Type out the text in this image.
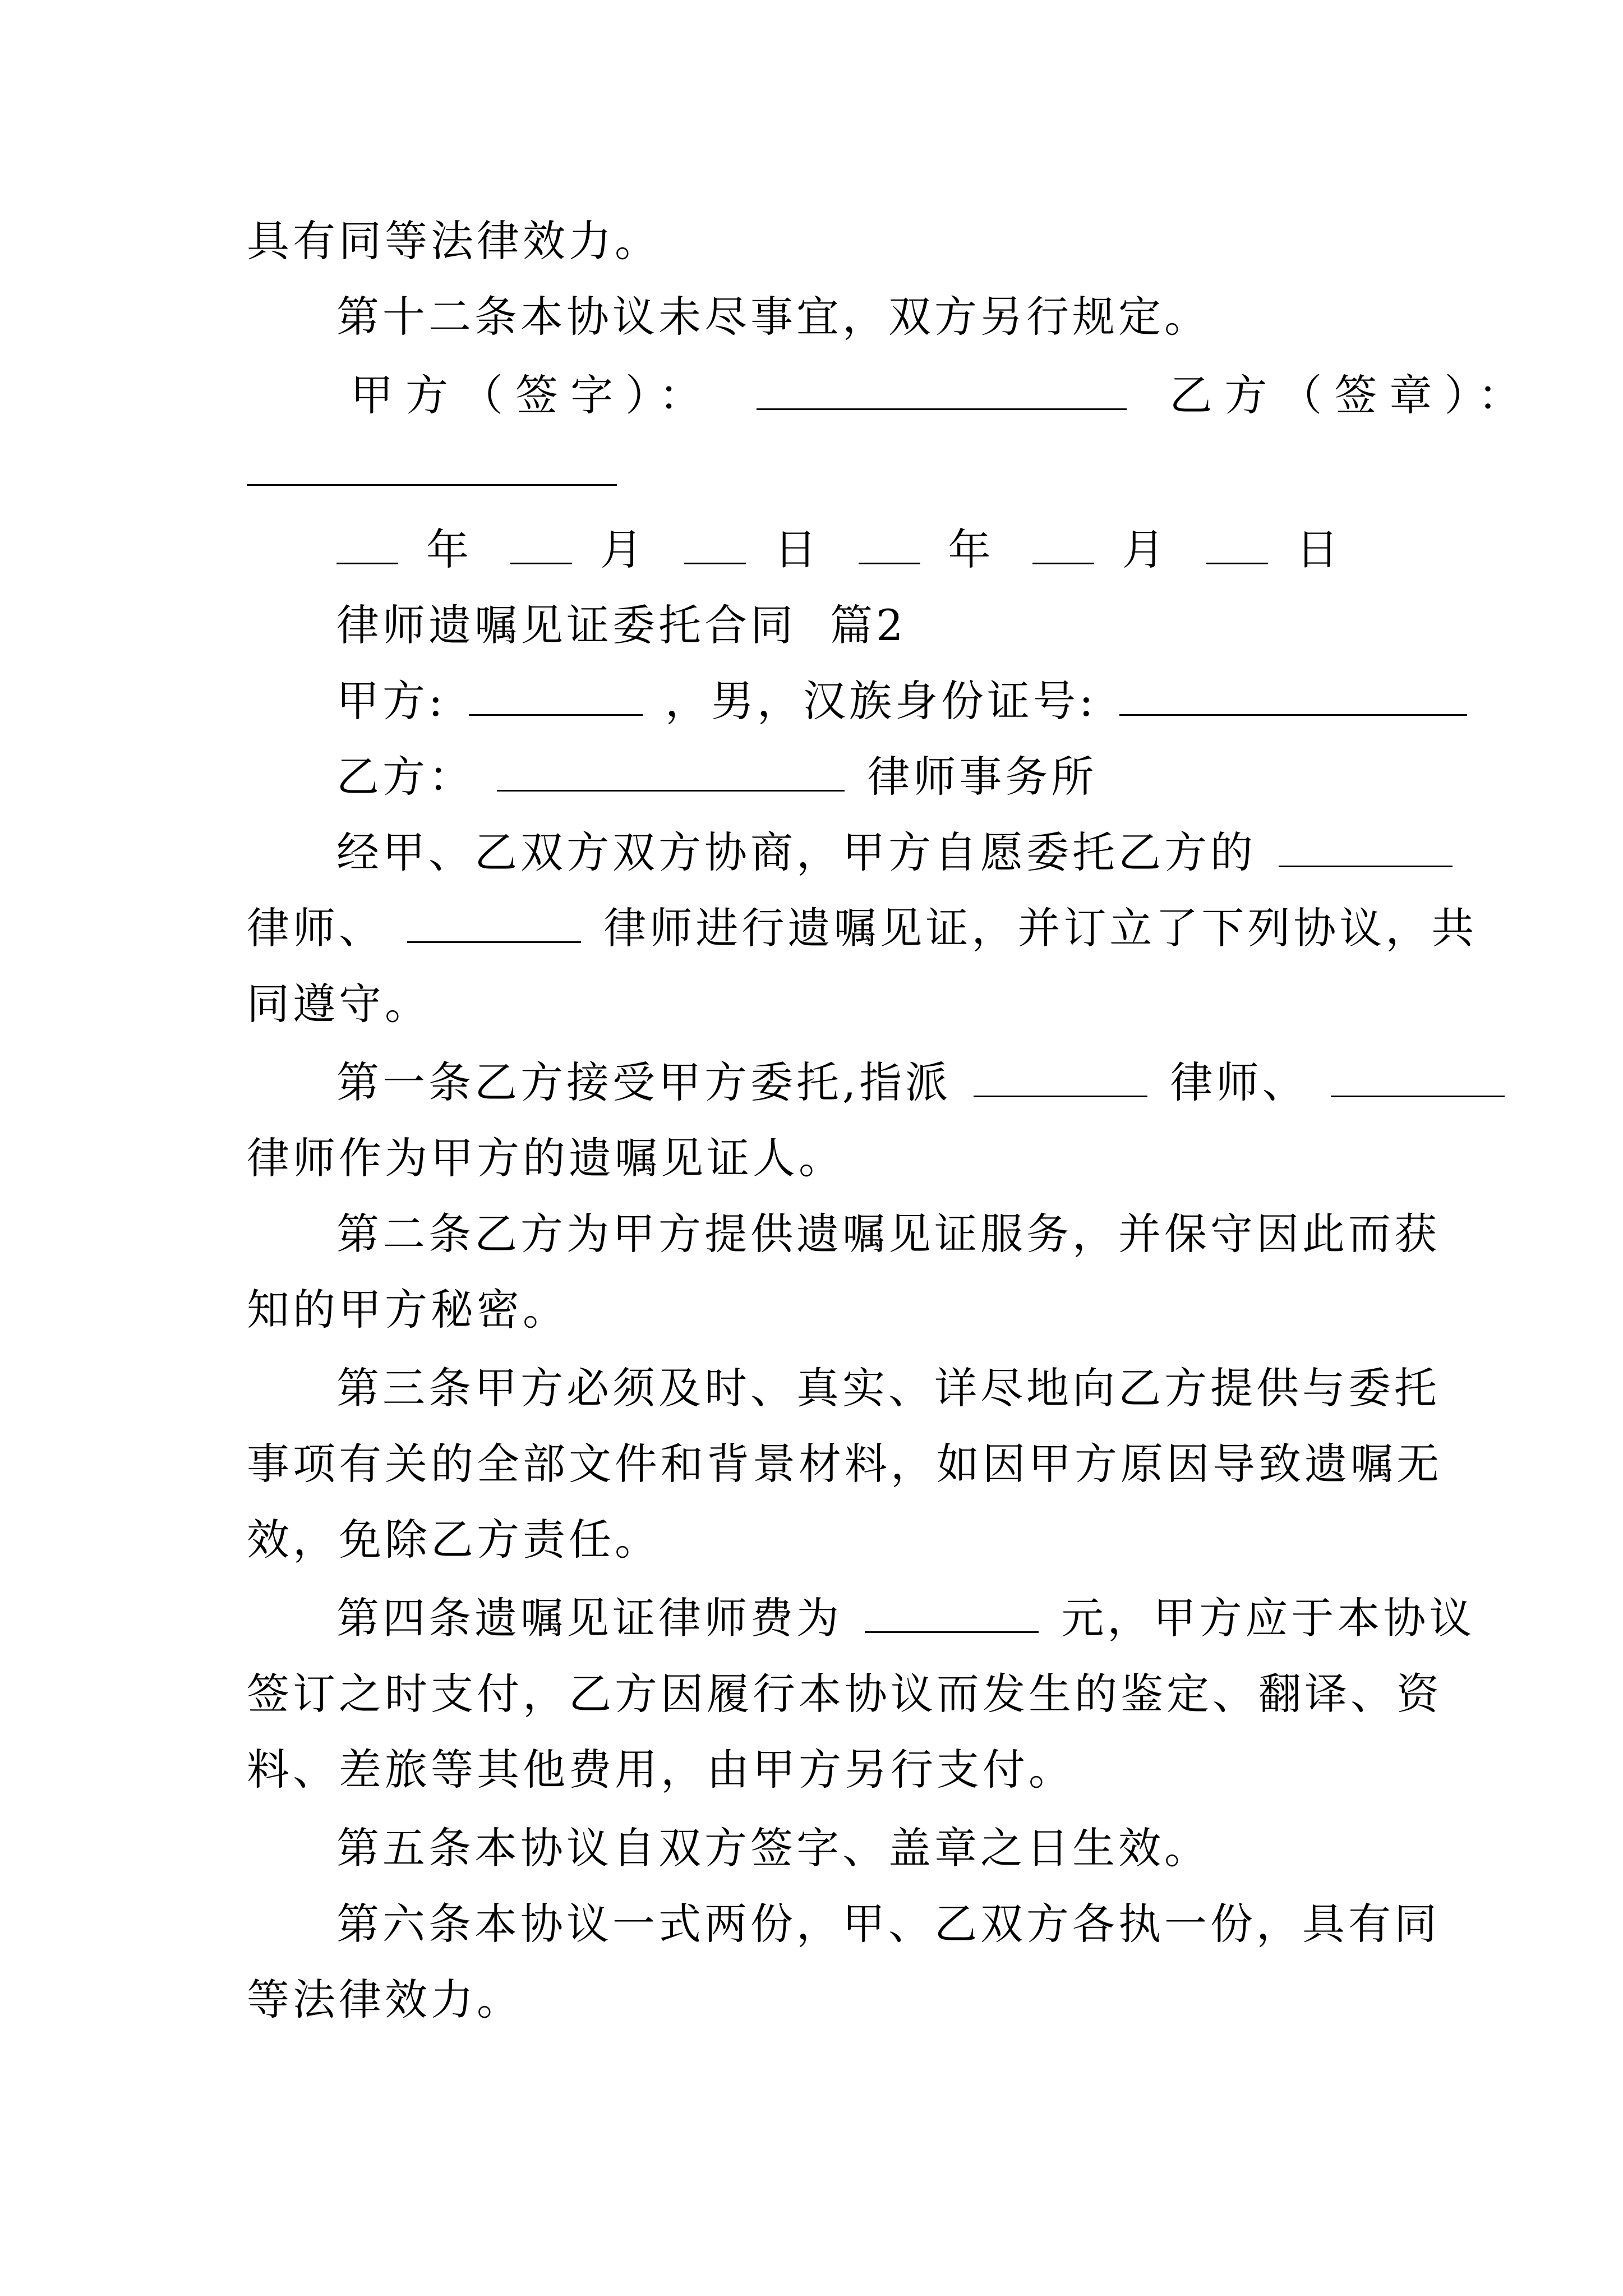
具有同等法律效力。
第十二条本协议未尽事宜，双方另行规定。
甲方（签字）：	乙方（签章）：
年	月	日	年	月	日
律师遗嘱见证委托合同 篇2
甲方:	，男，汉族身份证号:
乙方：	律师事务所
经甲、乙双方双方协商，甲方自愿委托乙方的
律师、	律师进行遗嘱见证，并订立了下列协议，共
同遵守。
第一条乙方接受甲方委托,指派	律师、
律师作为甲方的遗嘱见证人。
第二条乙方为甲方提供遗嘱见证服务，并保守因此而获
知的甲方秘密。
第三条甲方必须及时、真实、详尽地向乙方提供与委托
事项有关的全部文件和背景材料，如因甲方原因导致遗嘱无
效，免除乙方责任。
第四条遗嘱见证律师费为	元，甲方应于本协议
签订之时支付，乙方因履行本协议而发生的鉴定、翻译、资
料、差旅等其他费用，由甲方另行支付。
第五条本协议自双方签字、盖章之日生效。
第六条本协议一式两份，甲、乙双方各执一份，具有同
等法律效力。
